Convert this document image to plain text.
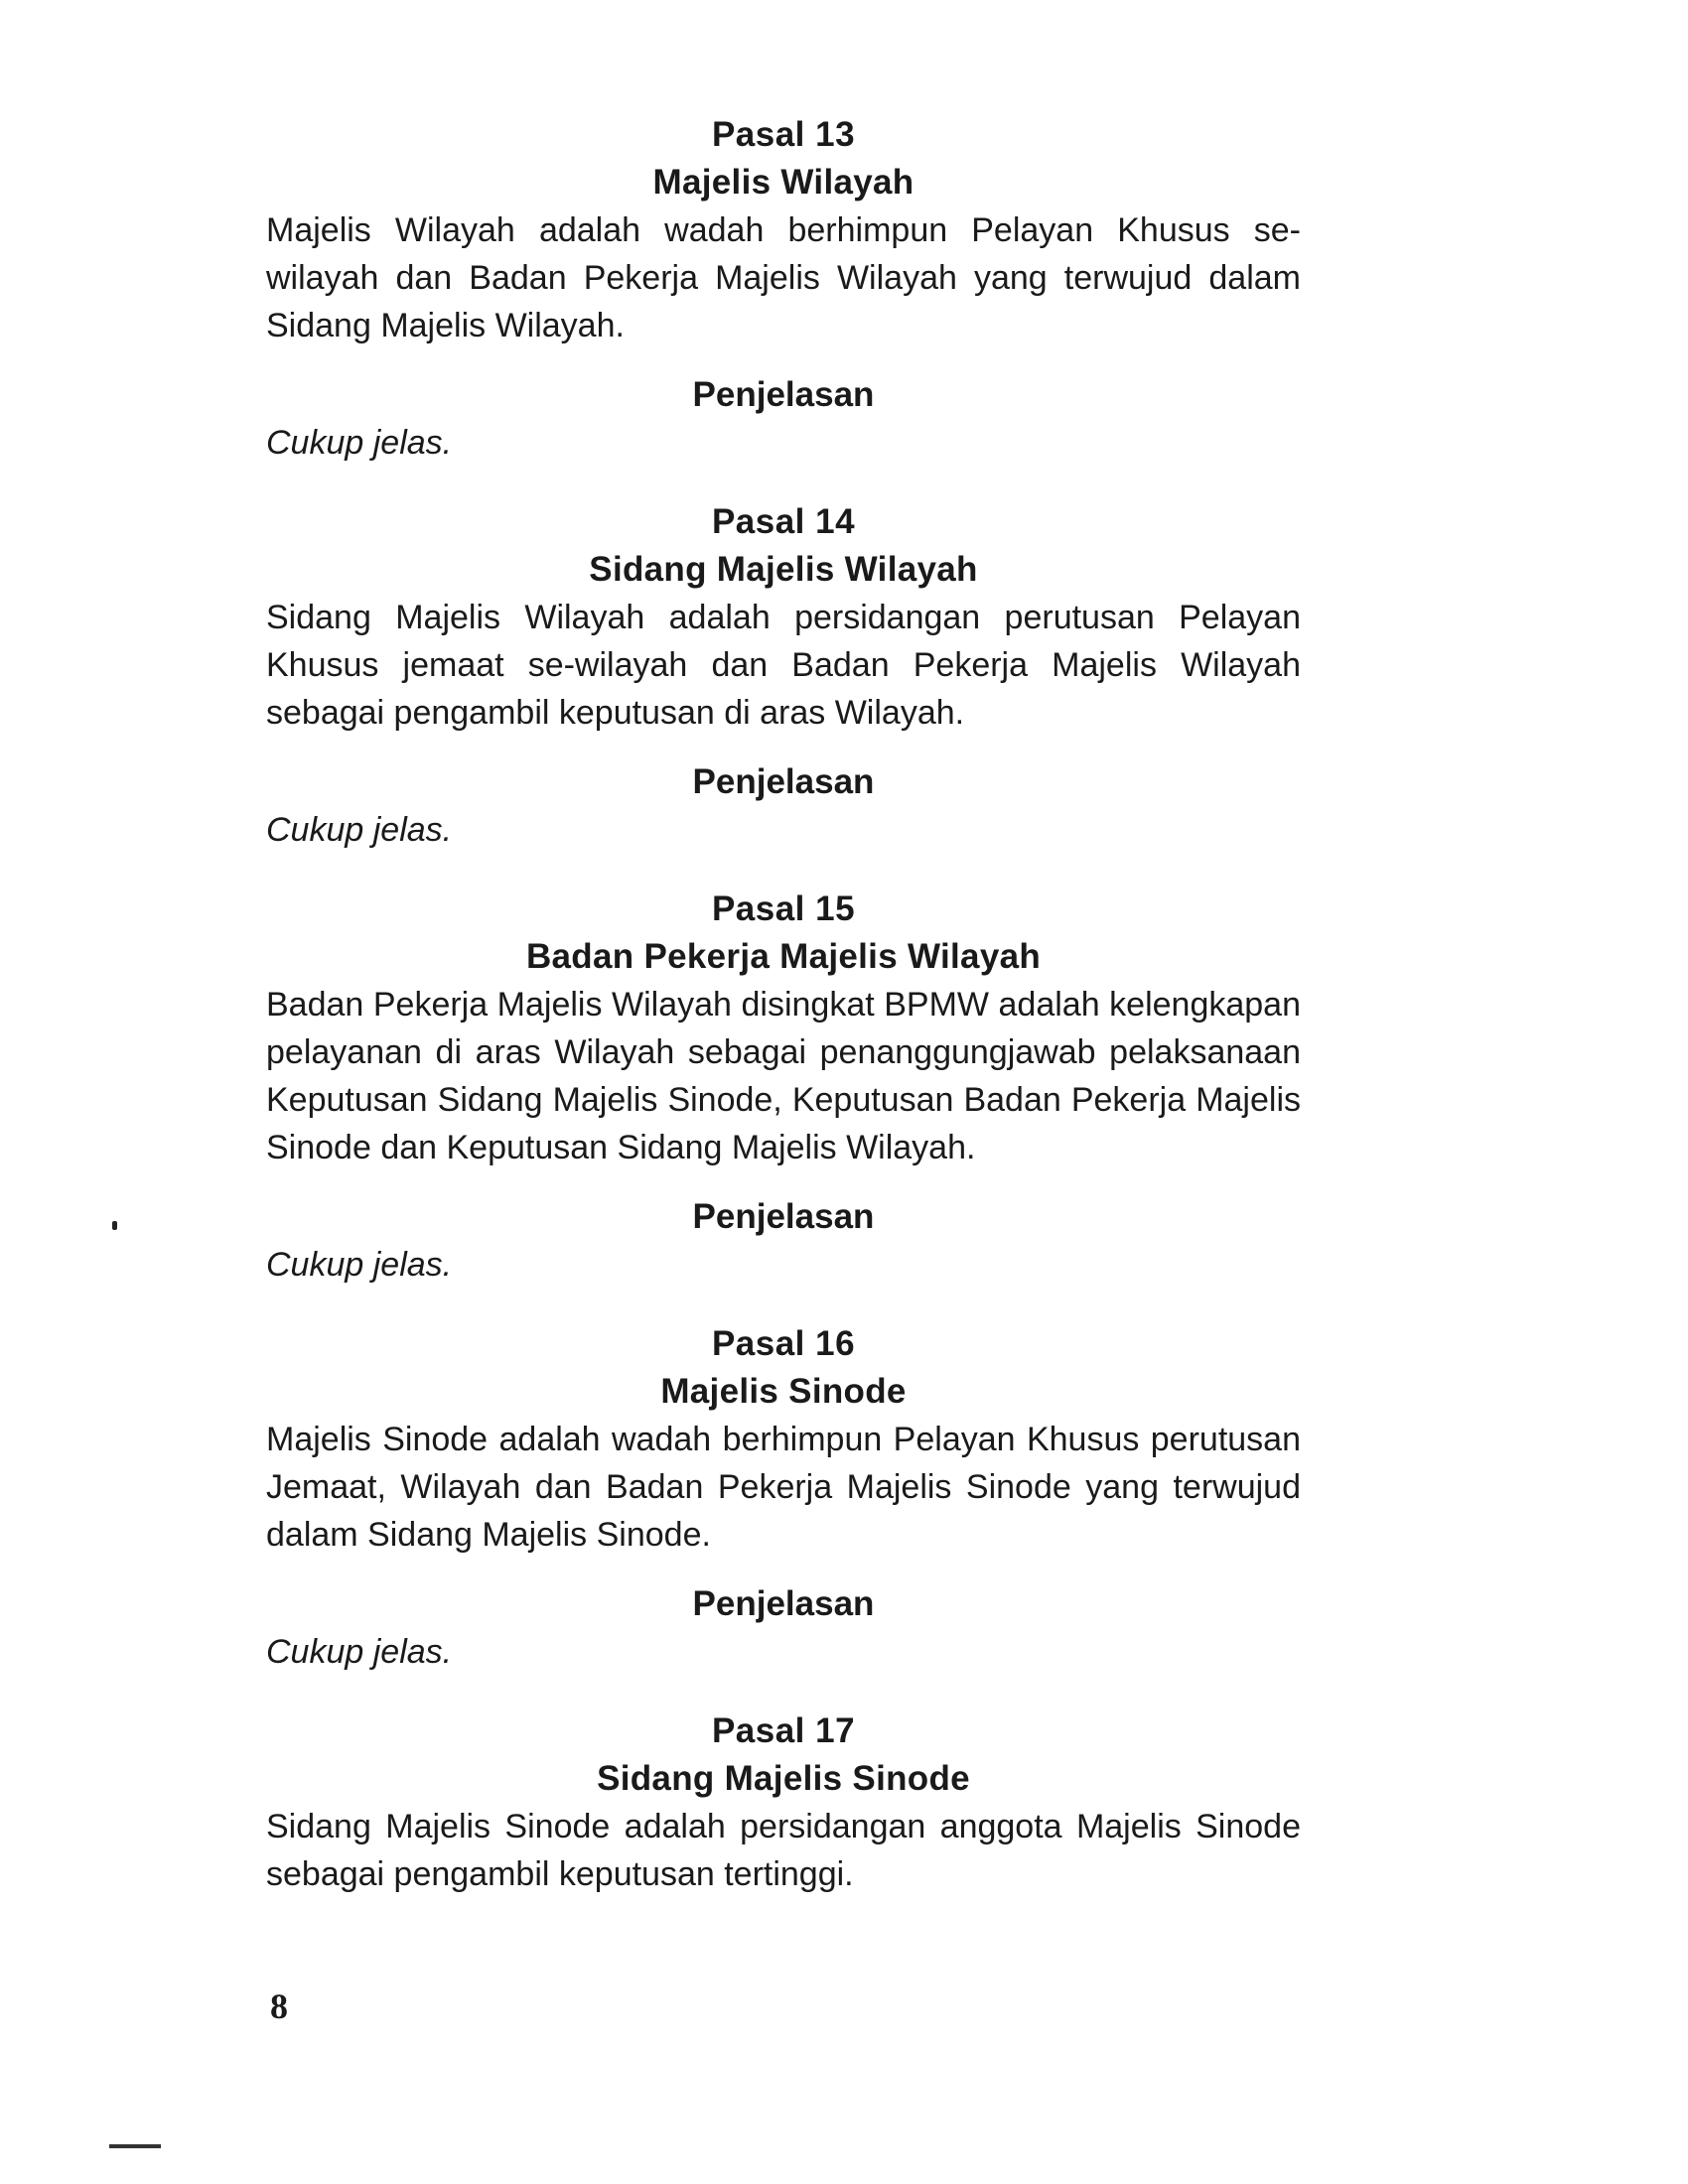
Pasal 13
Majelis Wilayah

Majelis Wilayah adalah wadah berhimpun Pelayan Khusus se-wilayah dan Badan Pekerja Majelis Wilayah yang terwujud dalam Sidang Majelis Wilayah.

Penjelasan
Cukup jelas.
Pasal 14
Sidang Majelis Wilayah

Sidang Majelis Wilayah adalah persidangan perutusan Pelayan Khusus jemaat se-wilayah dan Badan Pekerja Majelis Wilayah sebagai pengambil keputusan di aras Wilayah.

Penjelasan
Cukup jelas.
Pasal 15
Badan Pekerja Majelis Wilayah

Badan Pekerja Majelis Wilayah disingkat BPMW adalah kelengkapan pelayanan di aras Wilayah sebagai penanggungjawab pelaksanaan Keputusan Sidang Majelis Sinode, Keputusan Badan Pekerja Majelis Sinode dan Keputusan Sidang Majelis Wilayah.

Penjelasan
Cukup jelas.
Pasal 16
Majelis Sinode

Majelis Sinode adalah wadah berhimpun Pelayan Khusus perutusan Jemaat, Wilayah dan Badan Pekerja Majelis Sinode yang terwujud dalam Sidang Majelis Sinode.

Penjelasan
Cukup jelas.
Pasal 17
Sidang Majelis Sinode

Sidang Majelis Sinode adalah persidangan anggota Majelis Sinode sebagai pengambil keputusan tertinggi.

8
